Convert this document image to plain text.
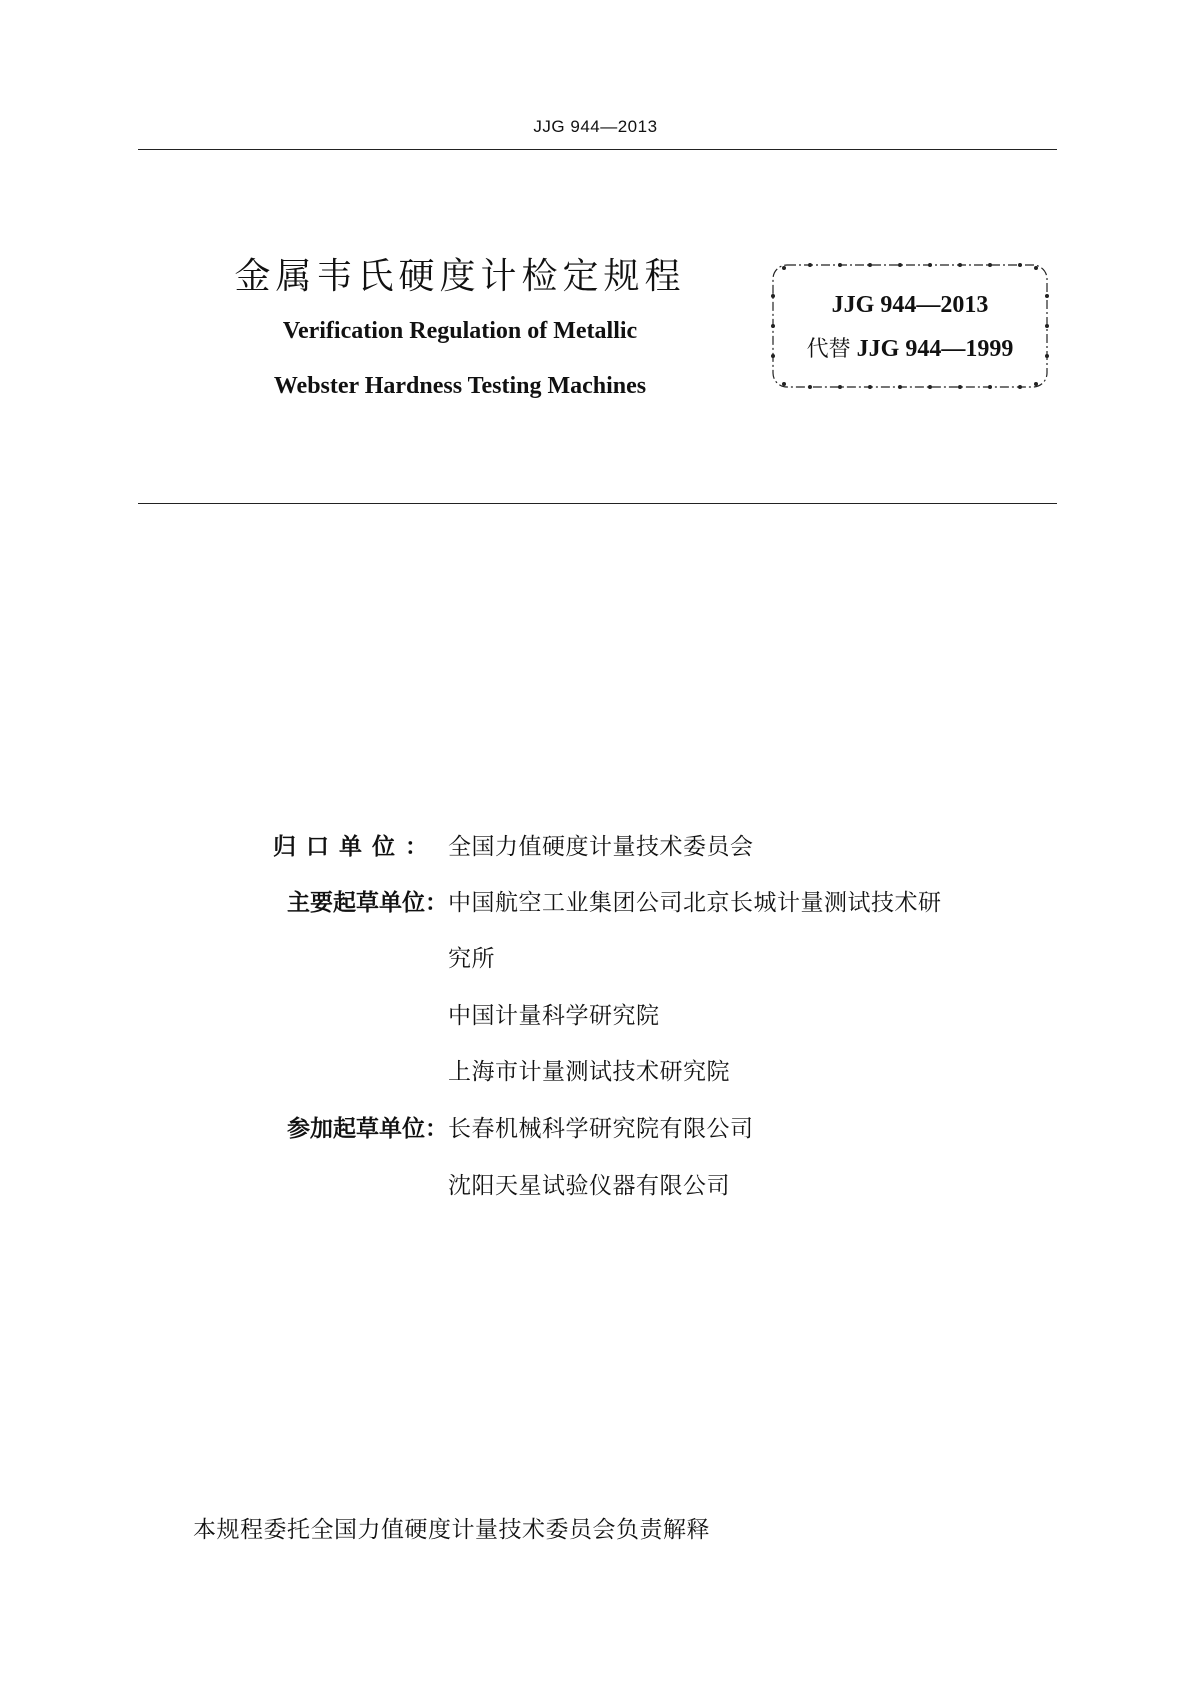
JJG 944—2013
金属韦氏硬度计检定规程
Verification Regulation of Metallic
Webster Hardness Testing Machines
JJG 944—2013
代替 JJG 944—1999
归口单位： 全国力值硬度计量技术委员会
主要起草单位： 中国航空工业集团公司北京长城计量测试技术研
究所
中国计量科学研究院
上海市计量测试技术研究院
参加起草单位： 长春机械科学研究院有限公司
沈阳天星试验仪器有限公司
本规程委托全国力值硬度计量技术委员会负责解释
